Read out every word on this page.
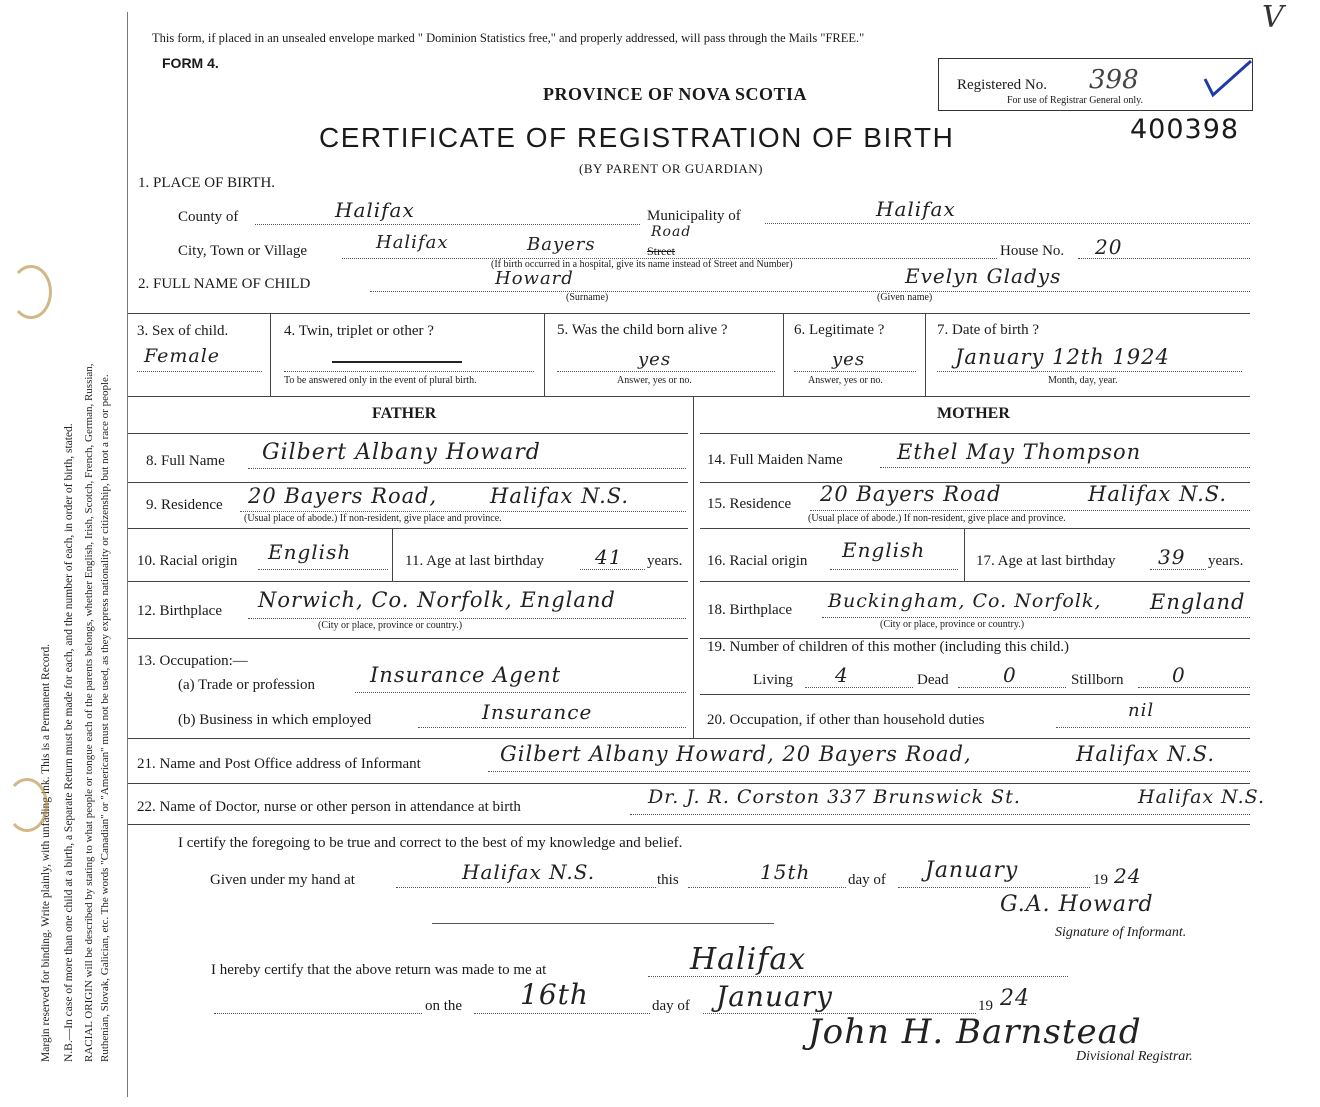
Margin reserved for binding. Write plainly, with unfading ink. This is a Permanent Record. N.B.—In case of more than one child at a birth, a Separate Return must be made for each, and the number of each, in order of birth, stated. RACIAL ORIGIN will be described by stating to what people or tongue each of the parents belongs, whether English, Irish, Scotch, French, German, Russian, Ruthenian, Slovak, Galician, etc. The words "Canadian" or "American" must not be used, as they express nationality or citizenship, but not a race or people.
This form, if placed in an unsealed envelope marked " Dominion Statistics free," and properly addressed, will pass through the Mails "FREE."
V
FORM 4.
PROVINCE OF NOVA SCOTIA
CERTIFICATE OF REGISTRATION OF BIRTH
(BY PARENT OR GUARDIAN)
Registered No. 398
For use of Registrar General only.
400398
1. PLACE OF BIRTH.
County of	Halifax	Municipality of	Halifax
City, Town or Village	Halifax	Bayers
Road
Street
(If birth occurred in a hospital, give its name instead of Street and Number)
House No. 20
2. FULL NAME OF CHILD	Howard
(Surname)
Evelyn Gladys
(Given name)
3. Sex of child.
Female
4. Twin, triplet or other ?
To be answered only in the event of plural birth.
5. Was the child born alive ?
yes
Answer, yes or no.
6. Legitimate ?
yes
Answer, yes or no.
7. Date of birth ?
January 12th 1924
Month, day, year.
FATHER	MOTHER
8. Full Name Gilbert Albany Howard
9. Residence 20 Bayers Road,	Halifax N.S.
(Usual place of abode.) If non-resident, give place and province.
10. Racial origin English	11. Age at last birthday	41 years.
12. Birthplace Norwich, Co. Norfolk, England
(City or place, province or country.)
13. Occupation:—
(a) Trade or profession	Insurance Agent
(b) Business in which employed	Insurance
14. Full Maiden Name	Ethel May Thompson
15. Residence 20 Bayers Road	Halifax N.S.
(Usual place of abode.) If non-resident, give place and province.
16. Racial origin English	17. Age at last birthday 39 years.
18. Birthplace Buckingham, Co. Norfolk, England
(City or place, province or country.)
19. Number of children of this mother (including this child.)
Living 4	Dead	0	Stillborn 0
20. Occupation, if other than household duties	nil
21. Name and Post Office address of Informant	Gilbert Albany Howard, 20 Bayers Road,	Halifax N.S.
22. Name of Doctor, nurse or other person in attendance at birth	Dr. J. R. Corston 337 Brunswick St.	Halifax N.S.
I certify the foregoing to be true and correct to the best of my knowledge and belief.
Given under my hand at	Halifax N.S.	this	15th	day of January	19 24
G.A. Howard
Signature of Informant.
I hereby certify that the above return was made to me at	Halifax
on the 16th	day of January	19 24
John H. Barnstead
Divisional Registrar.
